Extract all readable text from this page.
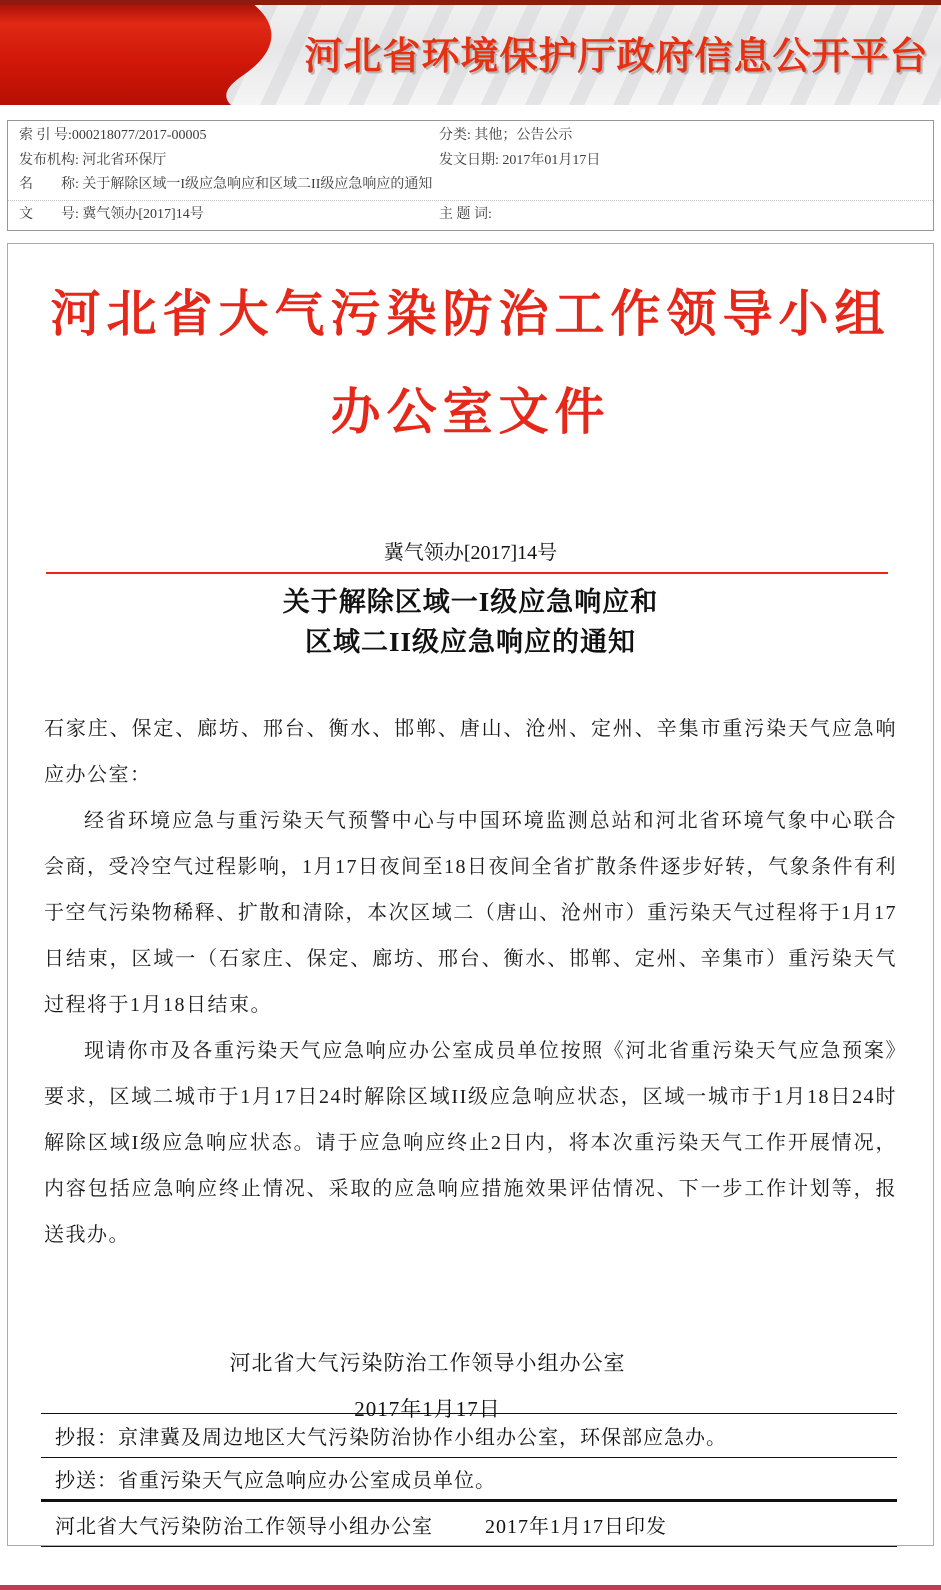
河北省环境保护厅政府信息公开平台
索 引 号:000218077/2017-00005	分类: 其他；公告公示
发布机构: 河北省环保厅	发文日期: 2017年01月17日
名　　称: 关于解除区域一I级应急响应和区域二II级应急响应的通知
文　　号: 冀气领办[2017]14号	主 题 词:
河北省大气污染防治工作领导小组
办公室文件
冀气领办[2017]14号
关于解除区域一I级应急响应和
区域二II级应急响应的通知

石家庄、保定、廊坊、邢台、衡水、邯郸、唐山、沧州、定州、辛集市重污染天气应急响应办公室：

经省环境应急与重污染天气预警中心与中国环境监测总站和河北省环境气象中心联合会商，受冷空气过程影响，1月17日夜间至18日夜间全省扩散条件逐步好转，气象条件有利于空气污染物稀释、扩散和清除，本次区域二（唐山、沧州市）重污染天气过程将于1月17日结束，区域一（石家庄、保定、廊坊、邢台、衡水、邯郸、定州、辛集市）重污染天气过程将于1月18日结束。

现请你市及各重污染天气应急响应办公室成员单位按照《河北省重污染天气应急预案》要求，区域二城市于1月17日24时解除区域II级应急响应状态，区域一城市于1月18日24时解除区域I级应急响应状态。请于应急响应终止2日内，将本次重污染天气工作开展情况，内容包括应急响应终止情况、采取的应急响应措施效果评估情况、下一步工作计划等，报送我办。

河北省大气污染防治工作领导小组办公室
2017年1月17日
抄报： 京津冀及周边地区大气污染防治协作小组办公室，环保部应急办。
抄送： 省重污染天气应急响应办公室成员单位。
河北省大气污染防治工作领导小组办公室	2017年1月17日印发
